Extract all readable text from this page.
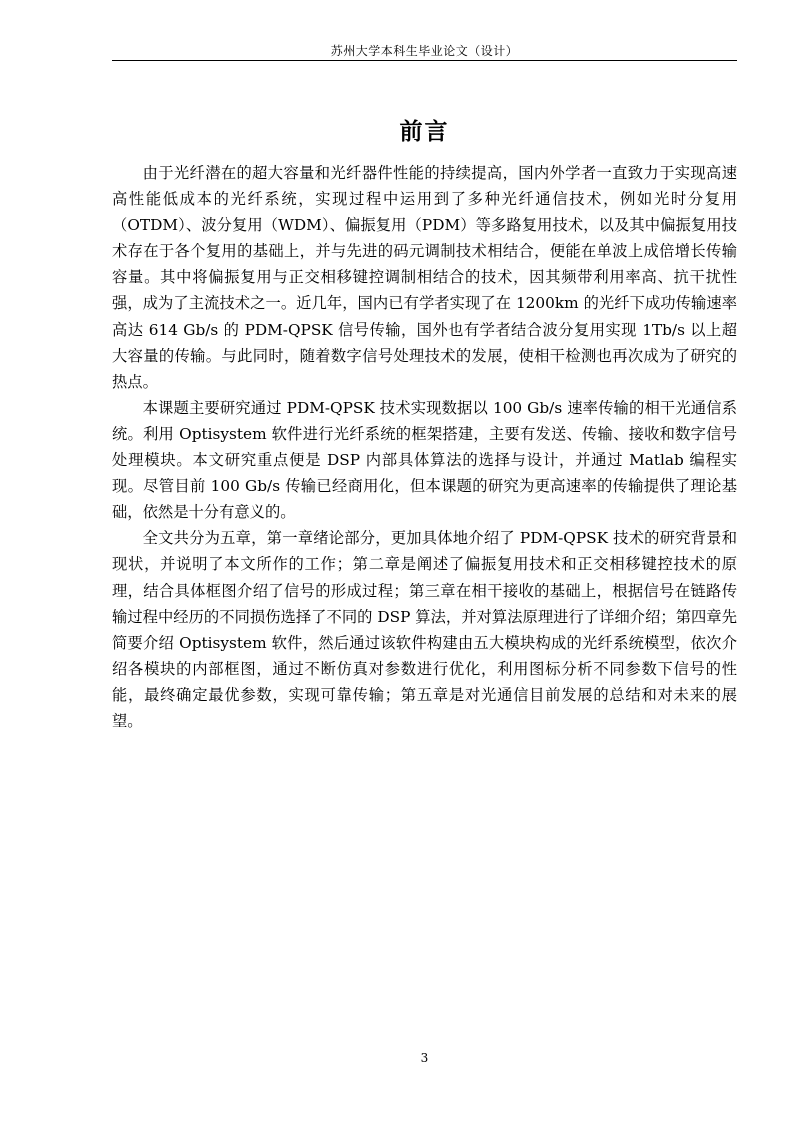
苏州大学本科生毕业论文（设计）
前言

由于光纤潜在的超大容量和光纤器件性能的持续提高，国内外学者一直致力于实现高速高性能低成本的光纤系统，实现过程中运用到了多种光纤通信技术，例如光时分复用（OTDM）、波分复用（WDM）、偏振复用（PDM）等多路复用技术，以及其中偏振复用技术存在于各个复用的基础上，并与先进的码元调制技术相结合，便能在单波上成倍增长传输容量。其中将偏振复用与正交相移键控调制相结合的技术，因其频带利用率高、抗干扰性强，成为了主流技术之一。近几年，国内已有学者实现了在 1200km 的光纤下成功传输速率高达 614 Gb/s 的 PDM-QPSK 信号传输，国外也有学者结合波分复用实现 1Tb/s 以上超大容量的传输。与此同时，随着数字信号处理技术的发展，使相干检测也再次成为了研究的热点。

本课题主要研究通过 PDM-QPSK 技术实现数据以 100 Gb/s 速率传输的相干光通信系统。利用 Optisystem 软件进行光纤系统的框架搭建，主要有发送、传输、接收和数字信号处理模块。本文研究重点便是 DSP 内部具体算法的选择与设计，并通过 Matlab 编程实现。尽管目前 100 Gb/s 传输已经商用化，但本课题的研究为更高速率的传输提供了理论基础，依然是十分有意义的。

全文共分为五章，第一章绪论部分，更加具体地介绍了 PDM-QPSK 技术的研究背景和现状，并说明了本文所作的工作；第二章是阐述了偏振复用技术和正交相移键控技术的原理，结合具体框图介绍了信号的形成过程；第三章在相干接收的基础上，根据信号在链路传输过程中经历的不同损伤选择了不同的 DSP 算法，并对算法原理进行了详细介绍；第四章先简要介绍 Optisystem 软件，然后通过该软件构建由五大模块构成的光纤系统模型，依次介绍各模块的内部框图，通过不断仿真对参数进行优化，利用图标分析不同参数下信号的性能，最终确定最优参数，实现可靠传输；第五章是对光通信目前发展的总结和对未来的展望。

3
